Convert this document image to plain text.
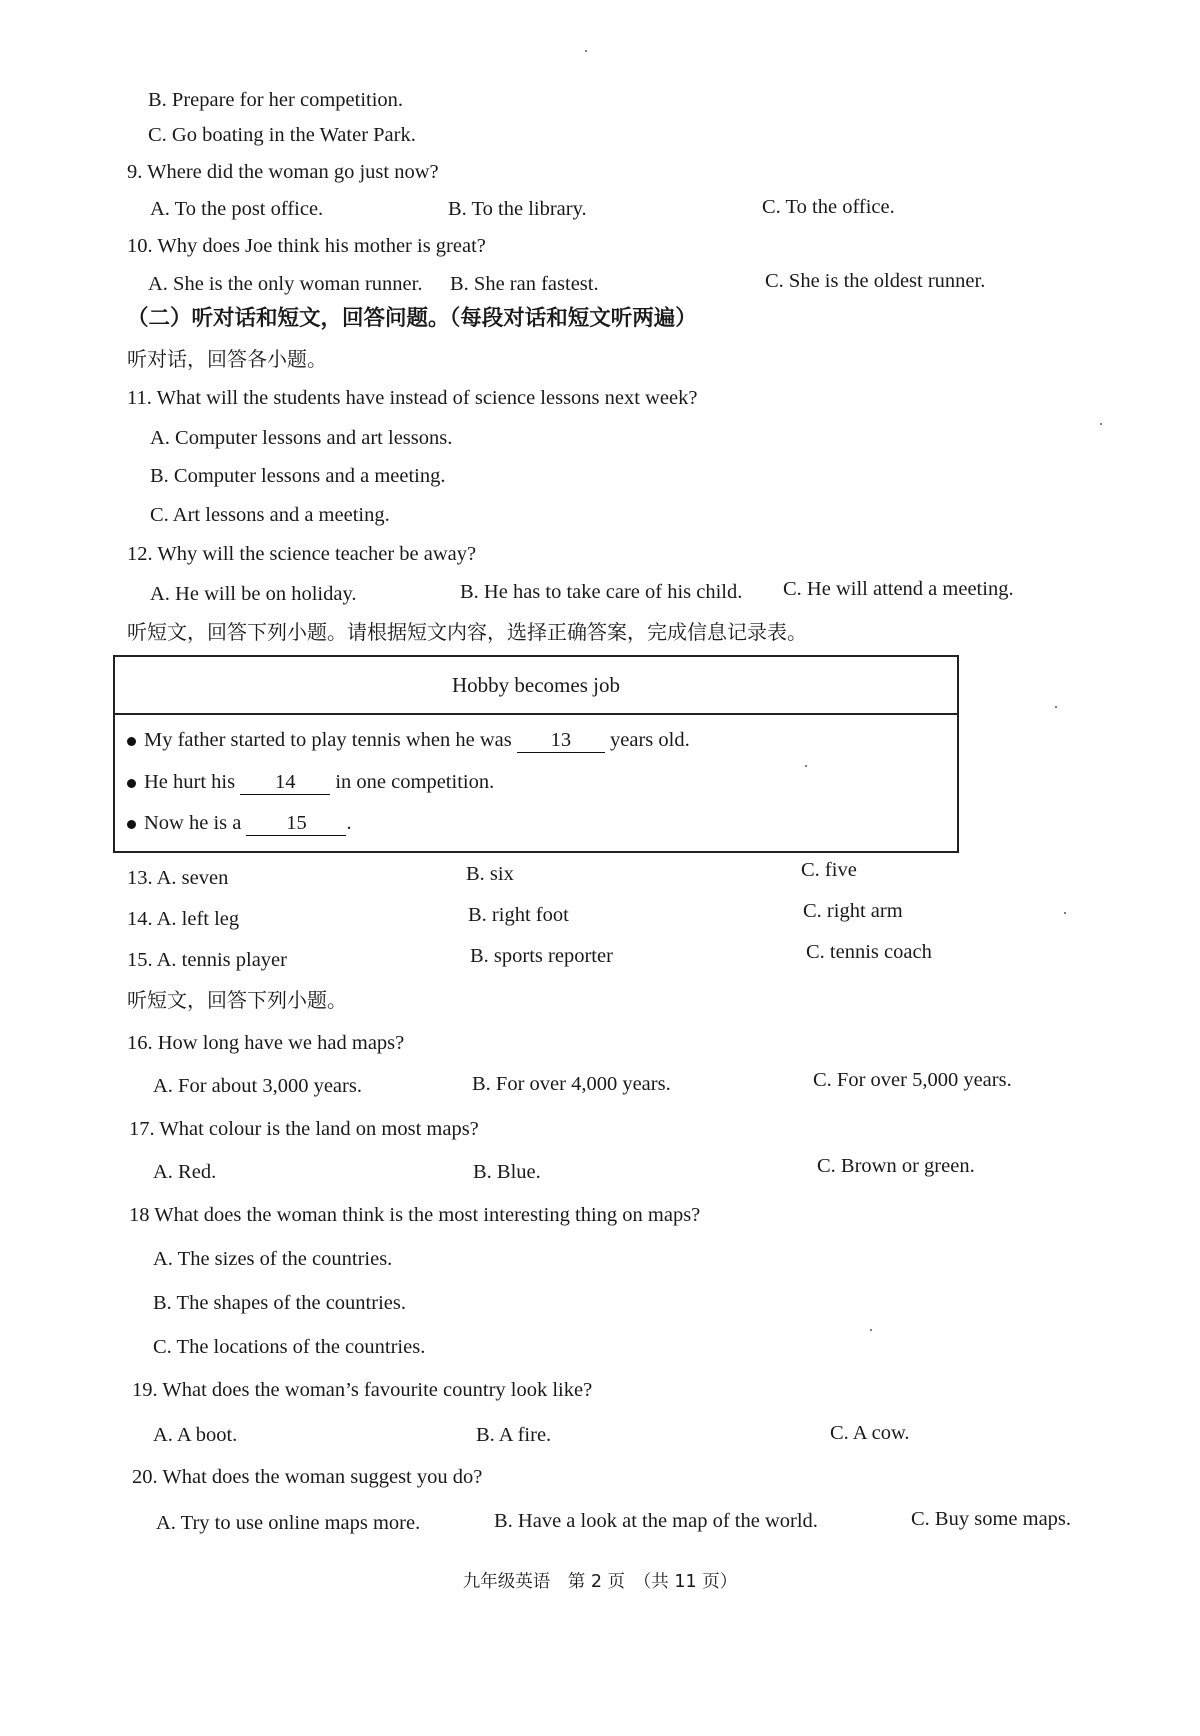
B. Prepare for her competition.
C. Go boating in the Water Park.
9. Where did the woman go just now?
A. To the post office.	B. To the library.	C. To the office.
10. Why does Joe think his mother is great?
A. She is the only woman runner. B. She ran fastest.	C. She is the oldest runner.
（二）听对话和短文，回答问题。（每段对话和短文听两遍）
听对话，回答各小题。
11. What will the students have instead of science lessons next week?
A. Computer lessons and art lessons.
B. Computer lessons and a meeting.
C. Art lessons and a meeting.
12. Why will the science teacher be away?
A. He will be on holiday.	B. He has to take care of his child. C. He will attend a meeting.
听短文，回答下列小题。请根据短文内容，选择正确答案，完成信息记录表。
Hobby becomes job
My father started to play tennis when he was 13 years old.
He hurt his 14 in one competition.
Now he is a 15 .
13. A. seven	B. six	C. five
14. A. left leg	B. right foot	C. right arm
15. A. tennis player	B. sports reporter	C. tennis coach
听短文，回答下列小题。
16. How long have we had maps?
A. For about 3,000 years.	B. For over 4,000 years.	C. For over 5,000 years.
17. What colour is the land on most maps?
A. Red.	B. Blue.	C. Brown or green.
18 What does the woman think is the most interesting thing on maps?
A. The sizes of the countries.
B. The shapes of the countries.
C. The locations of the countries.
19. What does the woman’s favourite country look like?
A. A boot.	B. A fire.	C. A cow.
20. What does the woman suggest you do?
A. Try to use online maps more.	B. Have a look at the map of the world.	C. Buy some maps.
九年级英语　第 2 页　（共 11 页）
